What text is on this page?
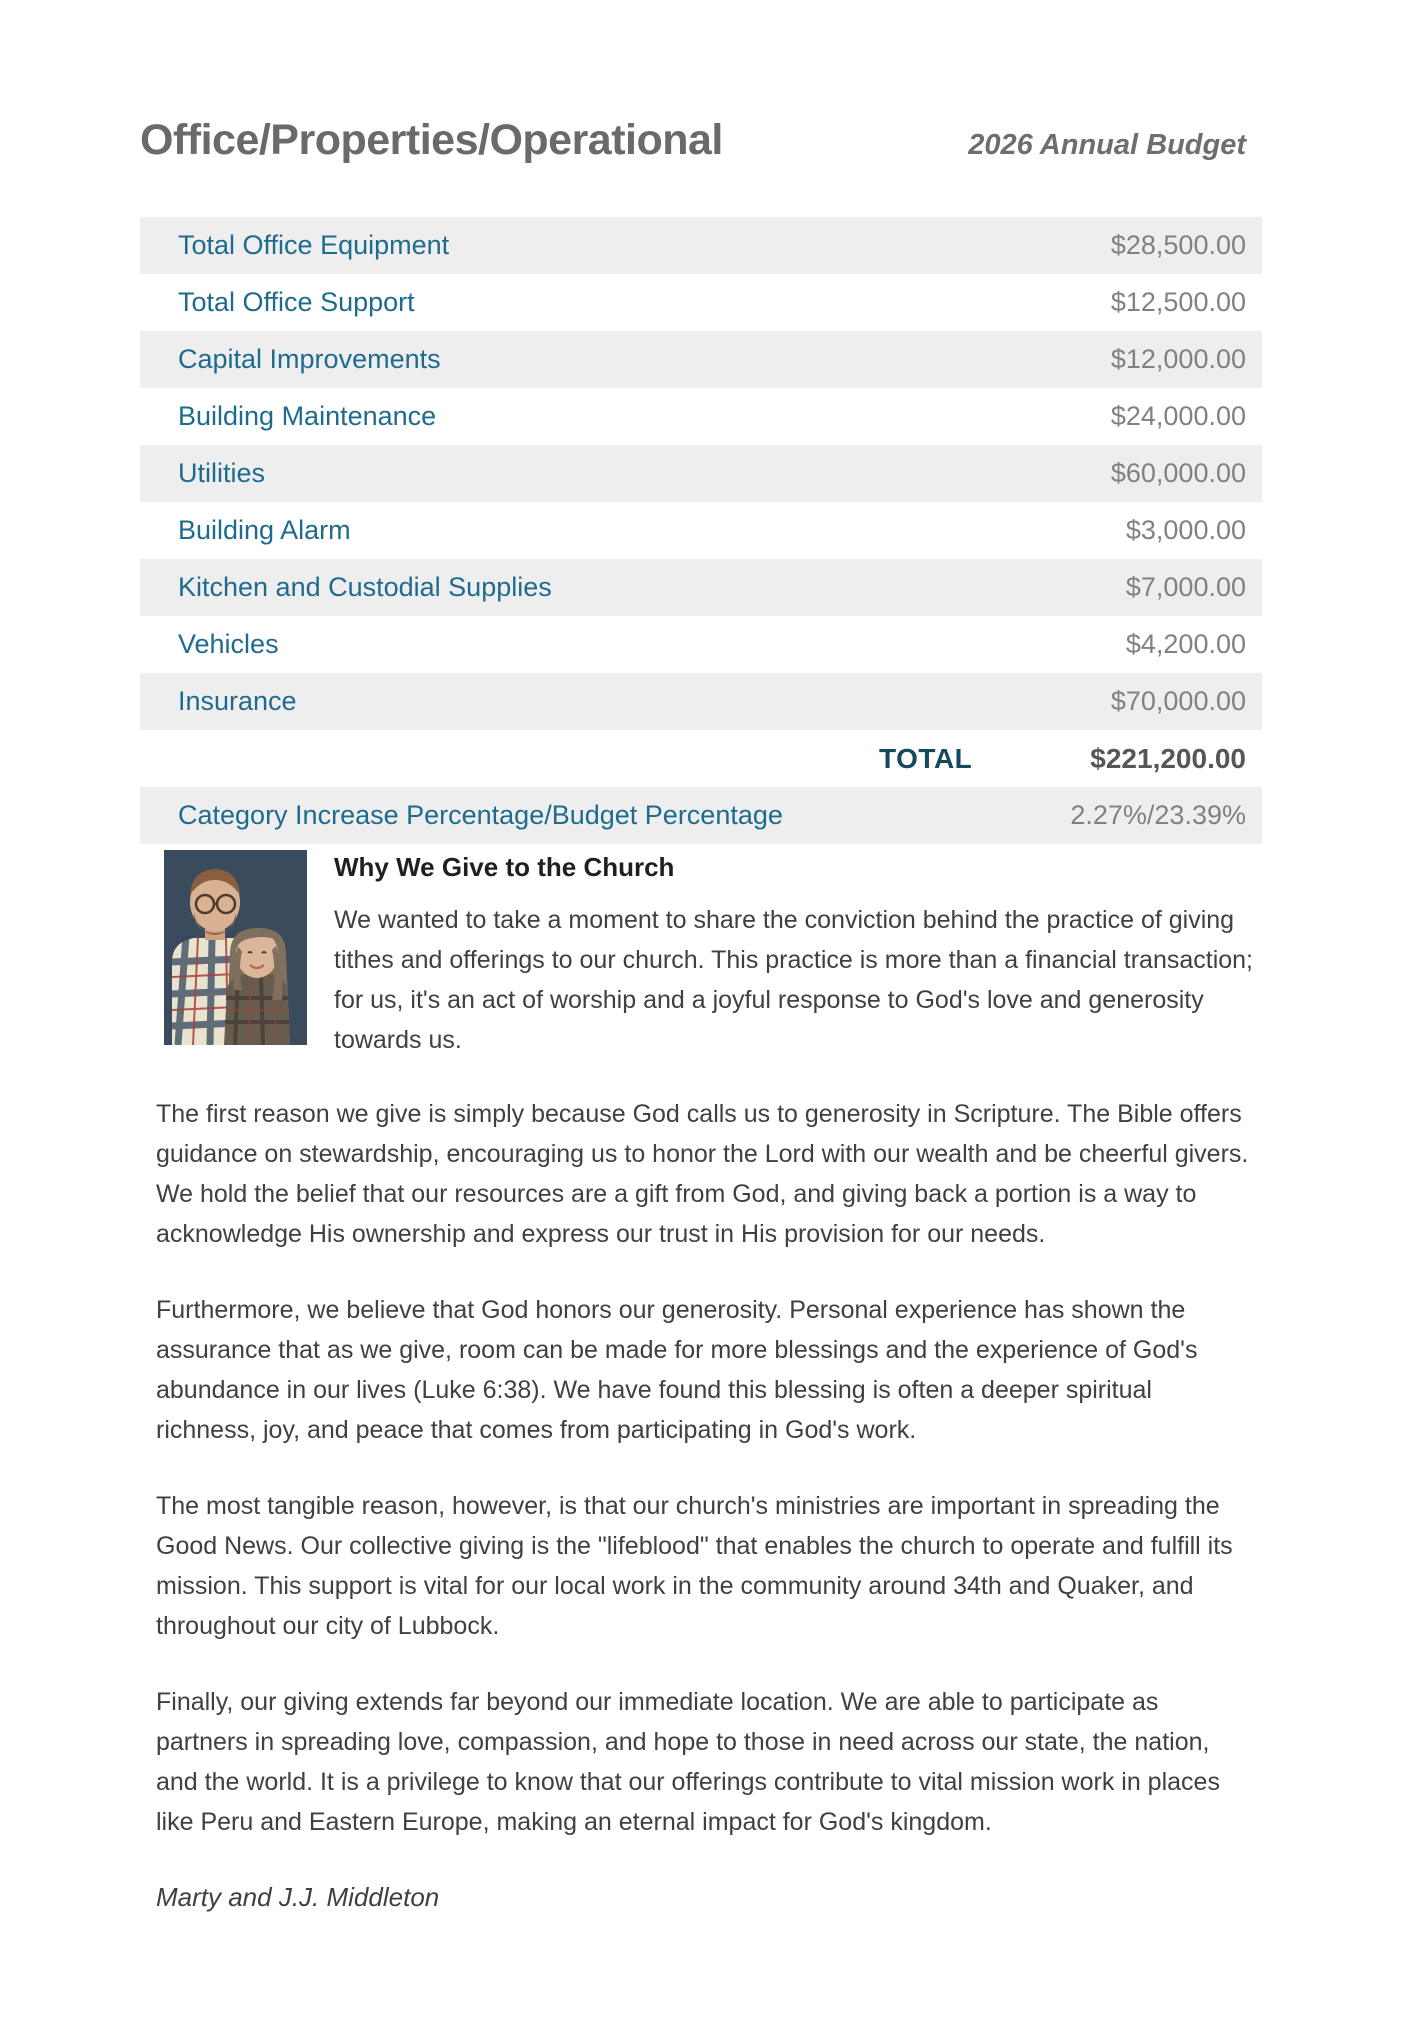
Office/Properties/Operational	2026 Annual Budget
Total Office Equipment	$28,500.00
Total Office Support	$12,500.00
Capital Improvements	$12,000.00
Building Maintenance	$24,000.00
Utilities	$60,000.00
Building Alarm	$3,000.00
Kitchen and Custodial Supplies	$7,000.00
Vehicles	$4,200.00
Insurance	$70,000.00
TOTAL	$221,200.00
Category Increase Percentage/Budget Percentage	2.27%/23.39%
Why We Give to the Church
We wanted to take a moment to share the conviction behind the practice of giving tithes and offerings to our church. This practice is more than a financial transaction; for us, it's an act of worship and a joyful response to God's love and generosity towards us.
The first reason we give is simply because God calls us to generosity in Scripture. The Bible offers guidance on stewardship, encouraging us to honor the Lord with our wealth and be cheerful givers. We hold the belief that our resources are a gift from God, and giving back a portion is a way to acknowledge His ownership and express our trust in His provision for our needs.
Furthermore, we believe that God honors our generosity. Personal experience has shown the assurance that as we give, room can be made for more blessings and the experience of God's abundance in our lives (Luke 6:38). We have found this blessing is often a deeper spiritual richness, joy, and peace that comes from participating in God's work.
The most tangible reason, however, is that our church's ministries are important in spreading the Good News. Our collective giving is the "lifeblood" that enables the church to operate and fulfill its mission. This support is vital for our local work in the community around 34th and Quaker, and throughout our city of Lubbock.
Finally, our giving extends far beyond our immediate location. We are able to participate as partners in spreading love, compassion, and hope to those in need across our state, the nation, and the world. It is a privilege to know that our offerings contribute to vital mission work in places like Peru and Eastern Europe, making an eternal impact for God's kingdom.
Marty and J.J. Middleton
